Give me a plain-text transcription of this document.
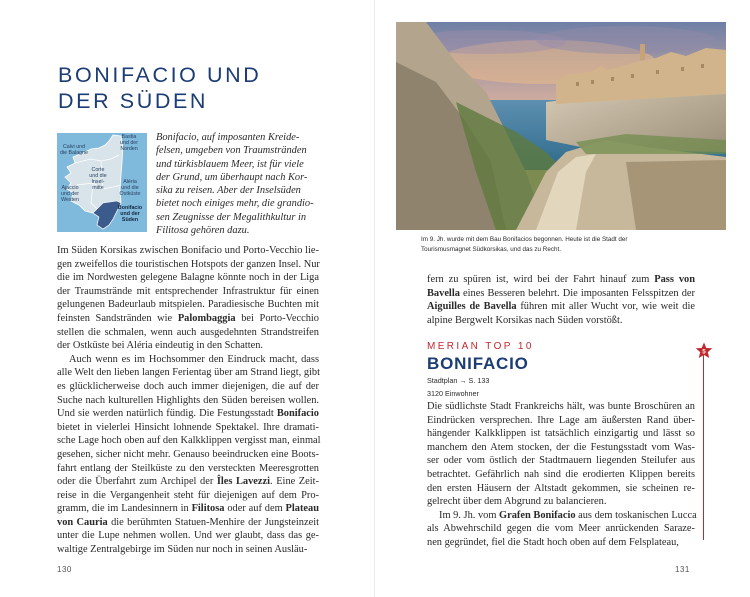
BONIFACIO UND
DER SÜDEN
Calvi und
die Balagne
Bastia
und der
Norden
Corte
und die
Insel-
mitte
Ajaccio
und der
Westen
Aléria
und die
Ostküste
Bonifacio
und der
Süden
Bonifacio, auf imposanten Kreide-
felsen, umgeben von Traumstränden
und türkisblauem Meer, ist für viele
der Grund, um überhaupt nach Kor-
sika zu reisen. Aber der Inselsüden
bietet noch einiges mehr, die grandio-
sen Zeugnisse der Megalithkultur in
Filitosa gehören dazu.
Im Süden Korsikas zwischen Bonifacio und Porto-Vecchio lie-
gen zweifellos die touristischen Hotspots der ganzen Insel. Nur
die im Nordwesten gelegene Balagne könnte noch in der Liga
der Traumstrände mit entsprechender Infrastruktur für einen
gelungenen Badeurlaub mitspielen. Paradiesische Buchten mit
feinsten Sandstränden wie Palombaggia bei Porto-Vecchio
stellen die schmalen, wenn auch ausgedehnten Strandstreifen
der Ostküste bei Aléria eindeutig in den Schatten.
Auch wenn es im Hochsommer den Eindruck macht, dass
alle Welt den lieben langen Ferientag über am Strand liegt, gibt
es glücklicherweise doch auch immer diejenigen, die auf der
Suche nach kulturellen Highlights den Süden bereisen wollen.
Und sie werden natürlich fündig. Die Festungsstadt Bonifacio
bietet in vielerlei Hinsicht lohnende Spektakel. Ihre dramati-
sche Lage hoch oben auf den Kalkklippen vergisst man, einmal
gesehen, sicher nicht mehr. Genauso beeindrucken eine Boots-
fahrt entlang der Steilküste zu den versteckten Meeresgrotten
oder die Überfahrt zum Archipel der Îles Lavezzi. Eine Zeit-
reise in die Vergangenheit steht für diejenigen auf dem Pro-
gramm, die im Landesinnern in Filitosa oder auf dem Plateau
von Cauria die berühmten Statuen-Menhire der Jungsteinzeit
unter die Lupe nehmen wollen. Und wer glaubt, dass das ge-
waltige Zentralgebirge im Süden nur noch in seinen Ausläu-
130
Im 9. Jh. wurde mit dem Bau Bonifacios begonnen. Heute ist die Stadt der
Tourismusmagnet Südkorsikas, und das zu Recht.
fern zu spüren ist, wird bei der Fahrt hinauf zum Pass von
Bavella eines Besseren belehrt. Die imposanten Felsspitzen der
Aiguilles de Bavella führen mit aller Wucht vor, wie weit die
alpine Bergwelt Korsikas nach Süden vorstößt.
MERIAN TOP 10
BONIFACIO
Stadtplan → S. 133
3120 Einwohner
Die südlichste Stadt Frankreichs hält, was bunte Broschüren an
Eindrücken versprechen. Ihre Lage am äußersten Rand über-
hängender Kalkklippen ist tatsächlich einzigartig und lässt so
manchem den Atem stocken, der die Festungsstadt vom Was-
ser oder vom östlich der Stadtmauern liegenden Steilufer aus
betrachtet. Gefährlich nah sind die erodierten Klippen bereits
den ersten Häusern der Altstadt gekommen, sie scheinen re-
gelrecht über dem Abgrund zu balancieren.
Im 9. Jh. vom Grafen Bonifacio aus dem toskanischen Lucca
als Abwehrschild gegen die vom Meer anrückenden Saraze-
nen gegründet, fiel die Stadt hoch oben auf dem Felsplateau,
5
131
